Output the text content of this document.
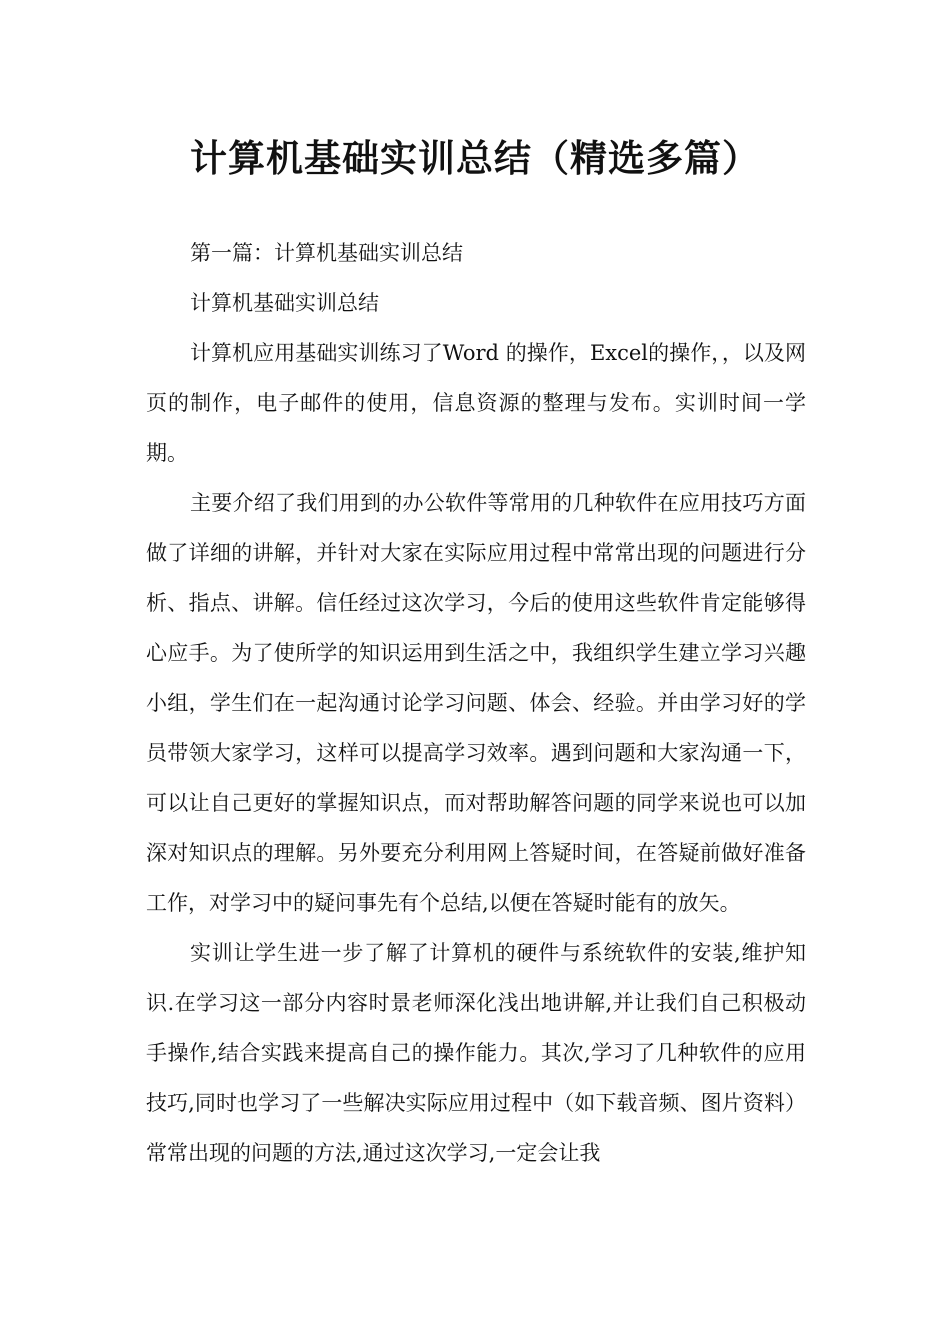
计算机基础实训总结（精选多篇）

第一篇：计算机基础实训总结

计算机基础实训总结

计算机应用基础实训练习了Word 的操作，Excel的操作，，以及网页的制作，电子邮件的使用，信息资源的整理与发布。实训时间一学期。

主要介绍了我们用到的办公软件等常用的几种软件在应用技巧方面做了详细的讲解，并针对大家在实际应用过程中常常出现的问题进行分析、指点、讲解。信任经过这次学习，今后的使用这些软件肯定能够得心应手。为了使所学的知识运用到生活之中，我组织学生建立学习兴趣小组，学生们在一起沟通讨论学习问题、体会、经验。并由学习好的学员带领大家学习，这样可以提高学习效率。遇到问题和大家沟通一下，可以让自己更好的掌握知识点，而对帮助解答问题的同学来说也可以加深对知识点的理解。另外要充分利用网上答疑时间，在答疑前做好准备工作，对学习中的疑问事先有个总结,以便在答疑时能有的放矢。

实训让学生进一步了解了计算机的硬件与系统软件的安装,维护知识.在学习这一部分内容时景老师深化浅出地讲解,并让我们自己积极动手操作,结合实践来提高自己的操作能力。其次,学习了几种软件的应用技巧,同时也学习了一些解决实际应用过程中（如下载音频、图片资料）常常出现的问题的方法,通过这次学习,一定会让我
